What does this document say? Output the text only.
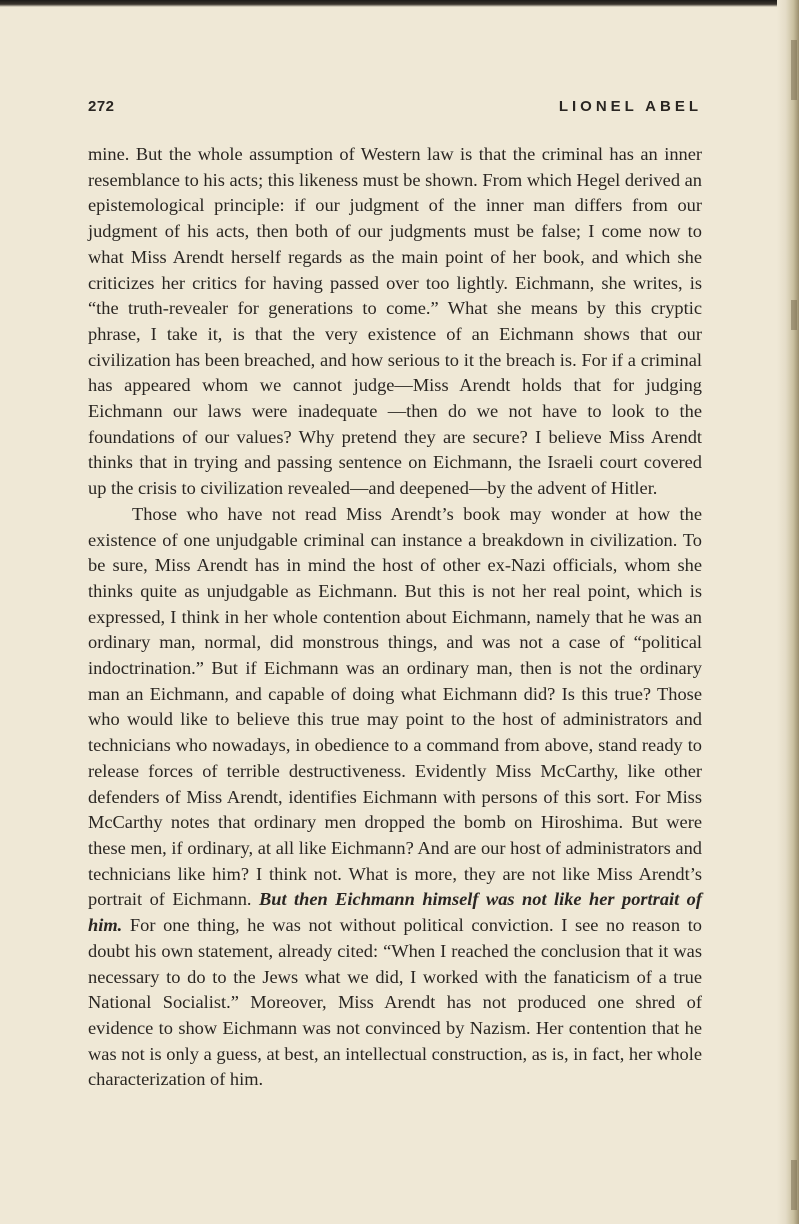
272	LIONEL ABEL

mine. But the whole assumption of Western law is that the criminal has an inner resemblance to his acts; this likeness must be shown. From which Hegel derived an epistemological principle: if our judgment of the inner man differs from our judgment of his acts, then both of our judgments must be false; I come now to what Miss Arendt herself regards as the main point of her book, and which she criticizes her critics for having passed over too lightly. Eichmann, she writes, is “the truth-revealer for generations to come.” What she means by this cryptic phrase, I take it, is that the very existence of an Eichmann shows that our civilization has been breached, and how serious to it the breach is. For if a criminal has appeared whom we cannot judge—Miss Arendt holds that for judging Eichmann our laws were inadequate —then do we not have to look to the foundations of our values? Why pretend they are secure? I believe Miss Arendt thinks that in trying and passing sentence on Eichmann, the Israeli court covered up the crisis to civilization revealed—and deepened—by the advent of Hitler.

Those who have not read Miss Arendt’s book may wonder at how the existence of one unjudgable criminal can instance a breakdown in civilization. To be sure, Miss Arendt has in mind the host of other ex-Nazi officials, whom she thinks quite as unjudgable as Eichmann. But this is not her real point, which is expressed, I think in her whole contention about Eichmann, namely that he was an ordinary man, normal, did monstrous things, and was not a case of “political indoctrination.” But if Eichmann was an ordinary man, then is not the ordinary man an Eichmann, and capable of doing what Eichmann did? Is this true? Those who would like to believe this true may point to the host of administrators and technicians who nowadays, in obedience to a command from above, stand ready to release forces of terrible destructiveness. Evidently Miss McCarthy, like other defenders of Miss Arendt, identifies Eichmann with persons of this sort. For Miss McCarthy notes that ordinary men dropped the bomb on Hiroshima. But were these men, if ordinary, at all like Eichmann? And are our host of administrators and technicians like him? I think not. What is more, they are not like Miss Arendt’s portrait of Eichmann. But then Eichmann himself was not like her portrait of him. For one thing, he was not without political conviction. I see no reason to doubt his own statement, already cited: “When I reached the conclusion that it was necessary to do to the Jews what we did, I worked with the fanaticism of a true National Socialist.” Moreover, Miss Arendt has not produced one shred of evidence to show Eichmann was not convinced by Nazism. Her contention that he was not is only a guess, at best, an intellectual construction, as is, in fact, her whole characterization of him.
